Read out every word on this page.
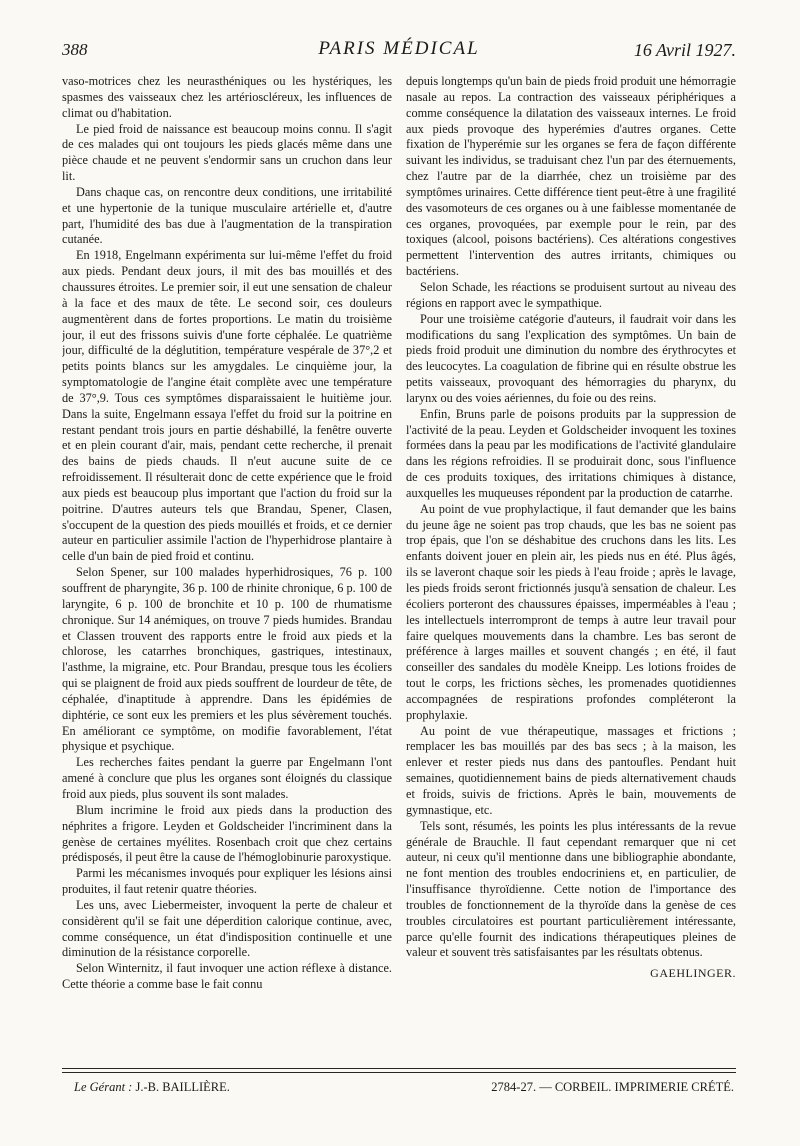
388	PARIS MÉDICAL	16 Avril 1927.

vaso-motrices chez les neurasthéniques ou les hystériques, les spasmes des vaisseaux chez les artérioscléreux, les influences de climat ou d'habitation.

Le pied froid de naissance est beaucoup moins connu. Il s'agit de ces malades qui ont toujours les pieds glacés même dans une pièce chaude et ne peuvent s'endormir sans un cruchon dans leur lit.

Dans chaque cas, on rencontre deux conditions, une irritabilité et une hypertonie de la tunique musculaire artérielle et, d'autre part, l'humidité des bas due à l'augmentation de la transpiration cutanée.

En 1918, Engelmann expérimenta sur lui-même l'effet du froid aux pieds. Pendant deux jours, il mit des bas mouillés et des chaussures étroites. Le premier soir, il eut une sensation de chaleur à la face et des maux de tête. Le second soir, ces douleurs augmentèrent dans de fortes proportions. Le matin du troisième jour, il eut des frissons suivis d'une forte céphalée. Le quatrième jour, difficulté de la déglutition, température vespérale de 37°,2 et petits points blancs sur les amygdales. Le cinquième jour, la symptomatologie de l'angine était complète avec une température de 37°,9. Tous ces symptômes disparaissaient le huitième jour. Dans la suite, Engelmann essaya l'effet du froid sur la poitrine en restant pendant trois jours en partie déshabillé, la fenêtre ouverte et en plein courant d'air, mais, pendant cette recherche, il prenait des bains de pieds chauds. Il n'eut aucune suite de ce refroidissement. Il résulterait donc de cette expérience que le froid aux pieds est beaucoup plus important que l'action du froid sur la poitrine. D'autres auteurs tels que Brandau, Spener, Clasen, s'occupent de la question des pieds mouillés et froids, et ce dernier auteur en particulier assimile l'action de l'hyperhidrose plantaire à celle d'un bain de pied froid et continu.

Selon Spener, sur 100 malades hyperhidrosiques, 76 p. 100 souffrent de pharyngite, 36 p. 100 de rhinite chronique, 6 p. 100 de laryngite, 6 p. 100 de bronchite et 10 p. 100 de rhumatisme chronique. Sur 14 anémiques, on trouve 7 pieds humides. Brandau et Classen trouvent des rapports entre le froid aux pieds et la chlorose, les catarrhes bronchiques, gastriques, intestinaux, l'asthme, la migraine, etc. Pour Brandau, presque tous les écoliers qui se plaignent de froid aux pieds souffrent de lourdeur de tête, de céphalée, d'inaptitude à apprendre. Dans les épidémies de diphtérie, ce sont eux les premiers et les plus sévèrement touchés. En améliorant ce symptôme, on modifie favorablement, l'état physique et psychique.

Les recherches faites pendant la guerre par Engelmann l'ont amené à conclure que plus les organes sont éloignés du classique froid aux pieds, plus souvent ils sont malades.

Blum incrimine le froid aux pieds dans la production des néphrites a frigore. Leyden et Goldscheider l'incriminent dans la genèse de certaines myélites. Rosenbach croit que chez certains prédisposés, il peut être la cause de l'hémoglobinurie paroxystique.

Parmi les mécanismes invoqués pour expliquer les lésions ainsi produites, il faut retenir quatre théories.

Les uns, avec Liebermeister, invoquent la perte de chaleur et considèrent qu'il se fait une déperdition calorique continue, avec, comme conséquence, un état d'indisposition continuelle et une diminution de la résistance corporelle.

Selon Winternitz, il faut invoquer une action réflexe à distance. Cette théorie a comme base le fait connu

depuis longtemps qu'un bain de pieds froid produit une hémorragie nasale au repos. La contraction des vaisseaux périphériques a comme conséquence la dilatation des vaisseaux internes. Le froid aux pieds provoque des hyperémies d'autres organes. Cette fixation de l'hyperémie sur les organes se fera de façon différente suivant les individus, se traduisant chez l'un par des éternuements, chez l'autre par de la diarrhée, chez un troisième par des symptômes urinaires. Cette différence tient peut-être à une fragilité des vasomoteurs de ces organes ou à une faiblesse momentanée de ces organes, provoquées, par exemple pour le rein, par des toxiques (alcool, poisons bactériens). Ces altérations congestives permettent l'intervention des autres irritants, chimiques ou bactériens.

Selon Schade, les réactions se produisent surtout au niveau des régions en rapport avec le sympathique.

Pour une troisième catégorie d'auteurs, il faudrait voir dans les modifications du sang l'explication des symptômes. Un bain de pieds froid produit une diminution du nombre des érythrocytes et des leucocytes. La coagulation de fibrine qui en résulte obstrue les petits vaisseaux, provoquant des hémorragies du pharynx, du larynx ou des voies aériennes, du foie ou des reins.

Enfin, Bruns parle de poisons produits par la suppression de l'activité de la peau. Leyden et Goldscheider invoquent les toxines formées dans la peau par les modifications de l'activité glandulaire dans les régions refroidies. Il se produirait donc, sous l'influence de ces produits toxiques, des irritations chimiques à distance, auxquelles les muqueuses répondent par la production de catarrhe.

Au point de vue prophylactique, il faut demander que les bains du jeune âge ne soient pas trop chauds, que les bas ne soient pas trop épais, que l'on se déshabitue des cruchons dans les lits. Les enfants doivent jouer en plein air, les pieds nus en été. Plus âgés, ils se laveront chaque soir les pieds à l'eau froide ; après le lavage, les pieds froids seront frictionnés jusqu'à sensation de chaleur. Les écoliers porteront des chaussures épaisses, imperméables à l'eau ; les intellectuels interrompront de temps à autre leur travail pour faire quelques mouvements dans la chambre. Les bas seront de préférence à larges mailles et souvent changés ; en été, il faut conseiller des sandales du modèle Kneipp. Les lotions froides de tout le corps, les frictions sèches, les promenades quotidiennes accompagnées de respirations profondes compléteront la prophylaxie.

Au point de vue thérapeutique, massages et frictions ; remplacer les bas mouillés par des bas secs ; à la maison, les enlever et rester pieds nus dans des pantoufles. Pendant huit semaines, quotidiennement bains de pieds alternativement chauds et froids, suivis de frictions. Après le bain, mouvements de gymnastique, etc.

Tels sont, résumés, les points les plus intéressants de la revue générale de Brauchle. Il faut cependant remarquer que ni cet auteur, ni ceux qu'il mentionne dans une bibliographie abondante, ne font mention des troubles endocriniens et, en particulier, de l'insuffisance thyroïdienne. Cette notion de l'importance des troubles de fonctionnement de la thyroïde dans la genèse de ces troubles circulatoires est pourtant particulièrement intéressante, parce qu'elle fournit des indications thérapeutiques pleines de valeur et souvent très satisfaisantes par les résultats obtenus.

GAEHLINGER.
Le Gérant : J.-B. BAILLIÈRE.	2784-27. — CORBEIL. IMPRIMERIE CRÉTÉ.
